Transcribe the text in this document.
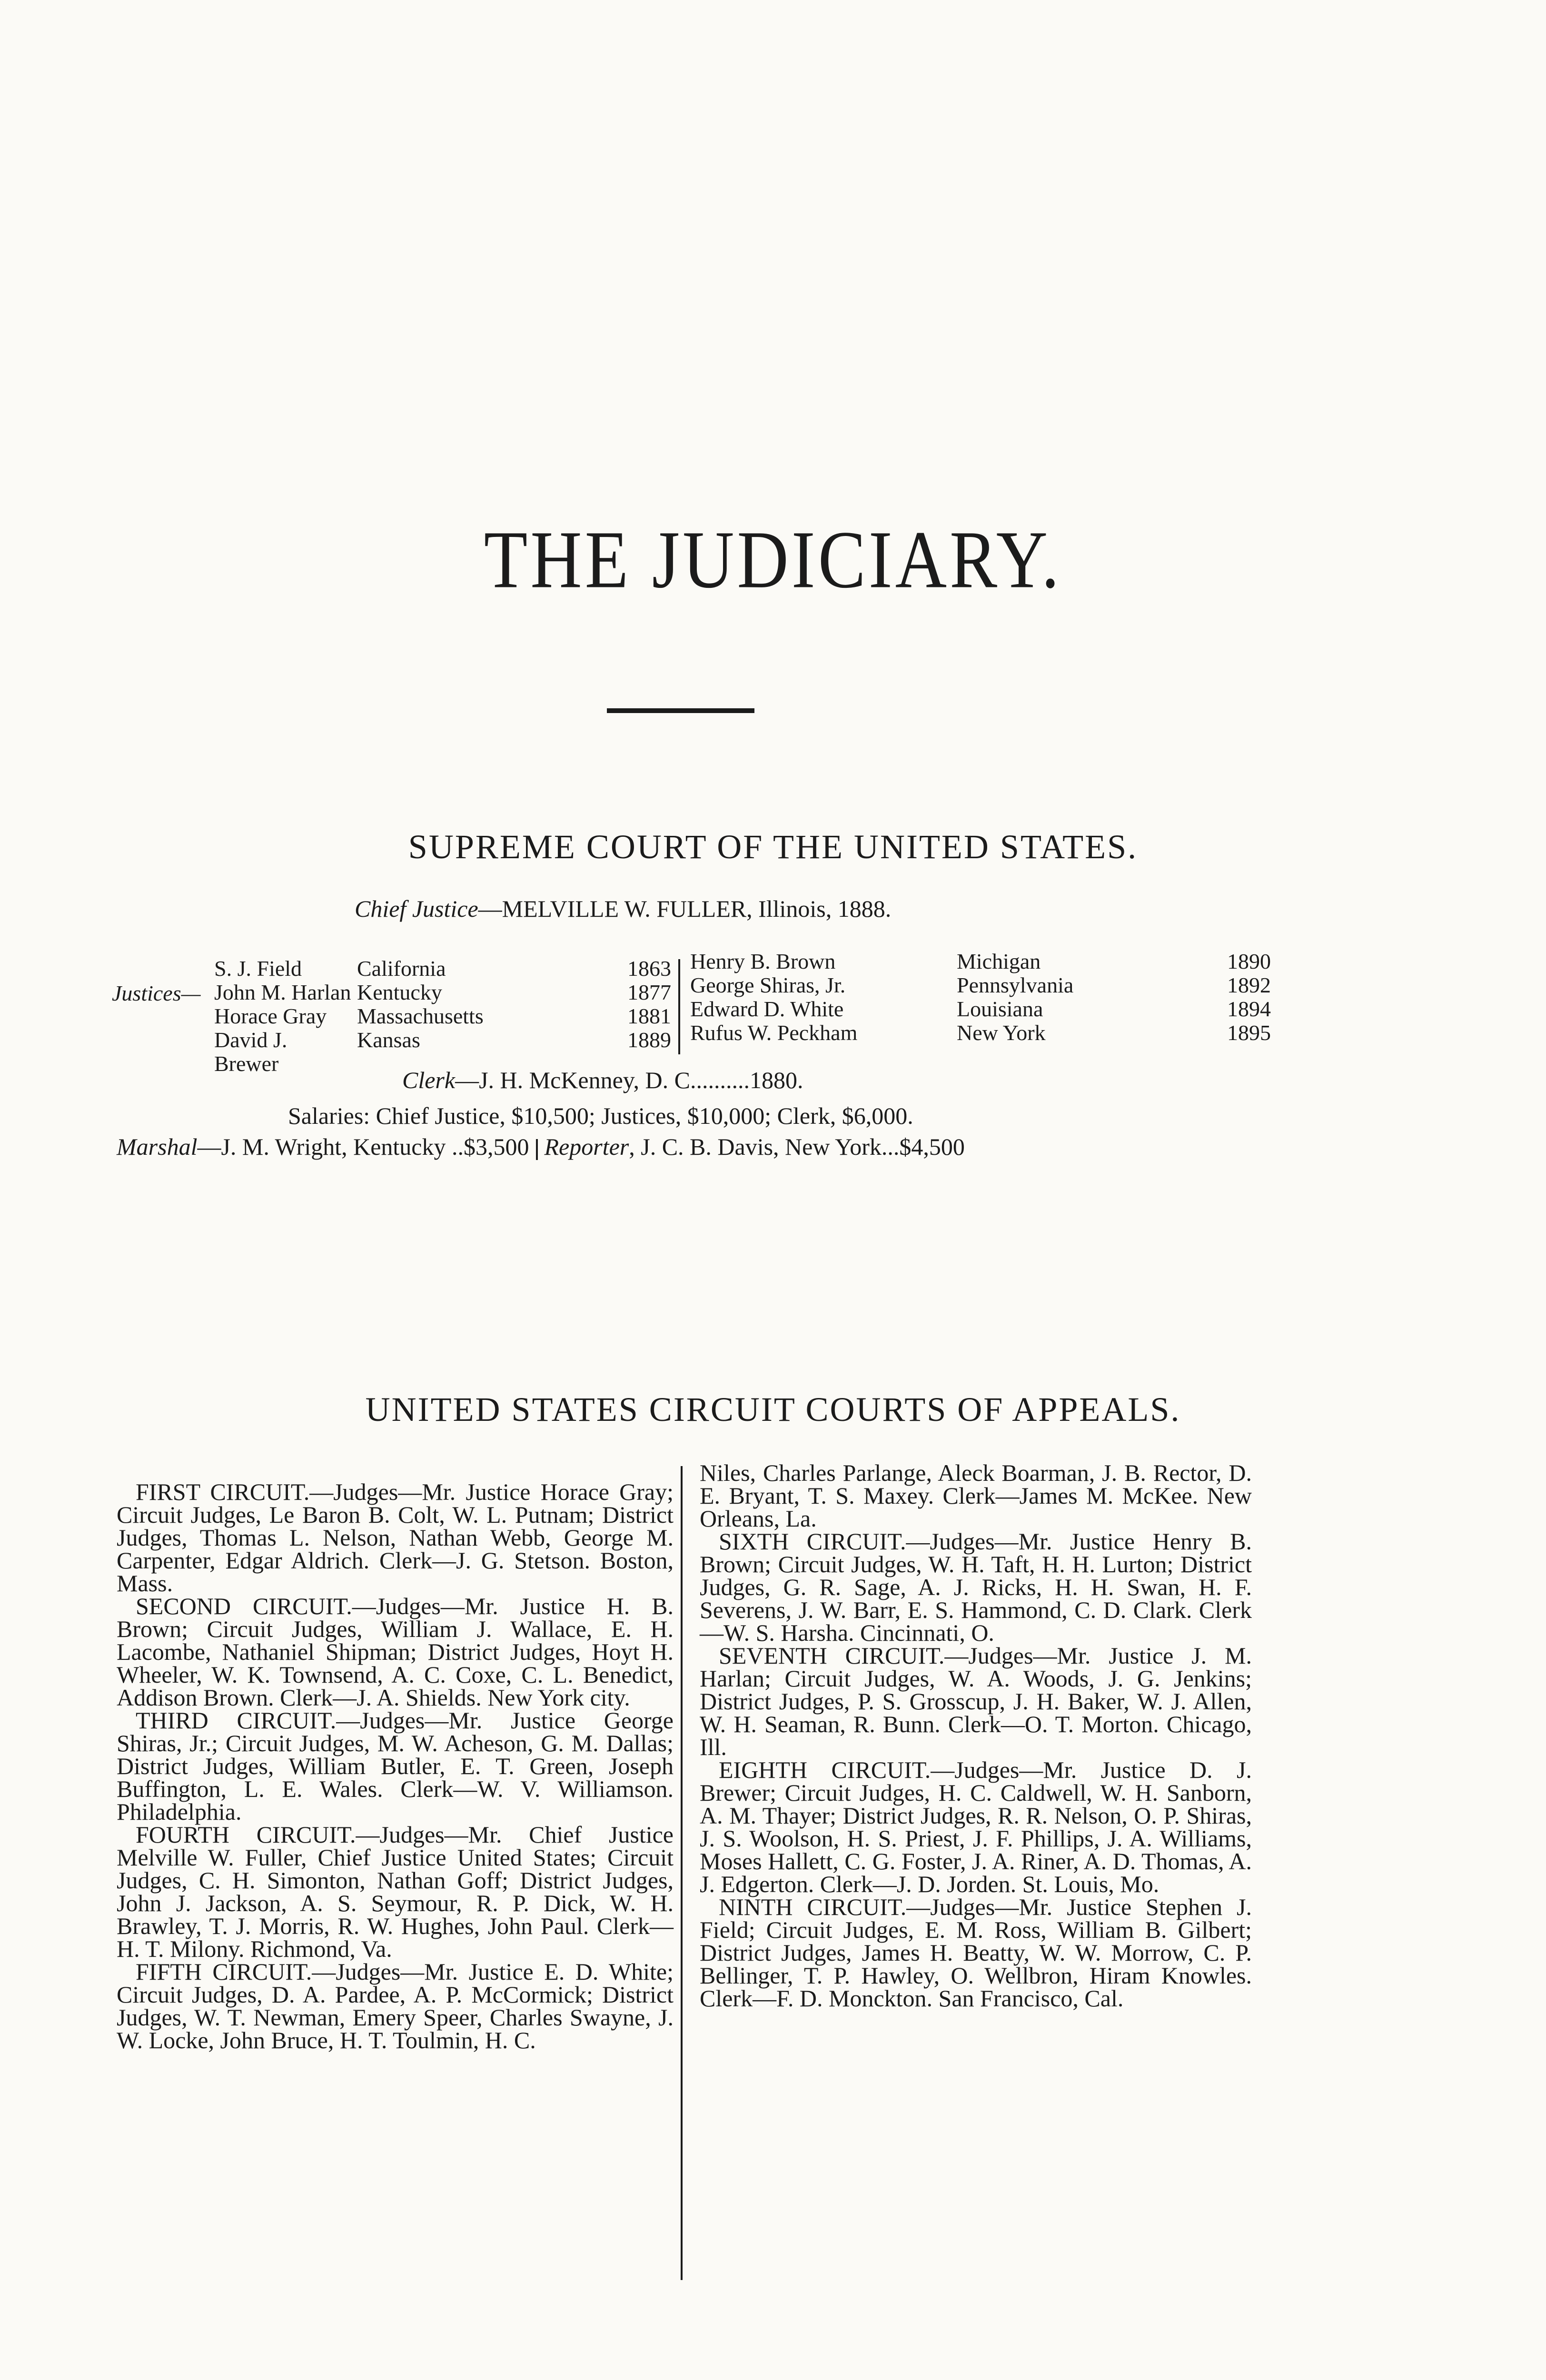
THE JUDICIARY.
SUPREME COURT OF THE UNITED STATES.
Chief Justice—MELVILLE W. FULLER, Illinois, 1888.
Justices—
S. J. Field	California	1863
John M. Harlan Kentucky	1877
Horace Gray	Massachusetts	1881
David J. Brewer
Kansas	1889
Henry B. Brown	Michigan	1890
George Shiras, Jr.	Pennsylvania	1892
Edward D. White	Louisiana	1894
Rufus W. Peckham	New York	1895
Clerk—J. H. McKenney, D. C..........1880.
Salaries: Chief Justice, $10,500; Justices, $10,000; Clerk, $6,000.
Marshal—J. M. Wright, Kentucky ..$3,500 Reporter, J. C. B. Davis, New York...$4,500
UNITED STATES CIRCUIT COURTS OF APPEALS.

FIRST CIRCUIT.—Judges—Mr. Justice Horace Gray; Circuit Judges, Le Baron B. Colt, W. L. Putnam; District Judges, Thomas L. Nelson, Nathan Webb, George M. Carpenter, Edgar Aldrich. Clerk—J. G. Stetson. Boston, Mass.

SECOND CIRCUIT.—Judges—Mr. Justice H. B. Brown; Circuit Judges, William J. Wallace, E. H. Lacombe, Nathaniel Shipman; District Judges, Hoyt H. Wheeler, W. K. Townsend, A. C. Coxe, C. L. Benedict, Addison Brown. Clerk—J. A. Shields. New York city.

THIRD CIRCUIT.—Judges—Mr. Justice George Shiras, Jr.; Circuit Judges, M. W. Acheson, G. M. Dallas; District Judges, William Butler, E. T. Green, Joseph Buffington, L. E. Wales. Clerk—W. V. Williamson. Philadelphia.

FOURTH CIRCUIT.—Judges—Mr. Chief Justice Melville W. Fuller, Chief Justice United States; Circuit Judges, C. H. Simonton, Nathan Goff; District Judges, John J. Jackson, A. S. Seymour, R. P. Dick, W. H. Brawley, T. J. Morris, R. W. Hughes, John Paul. Clerk—H. T. Milony. Richmond, Va.

FIFTH CIRCUIT.—Judges—Mr. Justice E. D. White; Circuit Judges, D. A. Pardee, A. P. McCormick; District Judges, W. T. Newman, Emery Speer, Charles Swayne, J. W. Locke, John Bruce, H. T. Toulmin, H. C.

Niles, Charles Parlange, Aleck Boarman, J. B. Rector, D. E. Bryant, T. S. Maxey. Clerk—James M. McKee. New Orleans, La.

SIXTH CIRCUIT.—Judges—Mr. Justice Henry B. Brown; Circuit Judges, W. H. Taft, H. H. Lurton; District Judges, G. R. Sage, A. J. Ricks, H. H. Swan, H. F. Severens, J. W. Barr, E. S. Hammond, C. D. Clark. Clerk—W. S. Harsha. Cincinnati, O.

SEVENTH CIRCUIT.—Judges—Mr. Justice J. M. Harlan; Circuit Judges, W. A. Woods, J. G. Jenkins; District Judges, P. S. Grosscup, J. H. Baker, W. J. Allen, W. H. Seaman, R. Bunn. Clerk—O. T. Morton. Chicago, Ill.

EIGHTH CIRCUIT.—Judges—Mr. Justice D. J. Brewer; Circuit Judges, H. C. Caldwell, W. H. Sanborn, A. M. Thayer; District Judges, R. R. Nelson, O. P. Shiras, J. S. Woolson, H. S. Priest, J. F. Phillips, J. A. Williams, Moses Hallett, C. G. Foster, J. A. Riner, A. D. Thomas, A. J. Edgerton. Clerk—J. D. Jorden. St. Louis, Mo.

NINTH CIRCUIT.—Judges—Mr. Justice Stephen J. Field; Circuit Judges, E. M. Ross, William B. Gilbert; District Judges, James H. Beatty, W. W. Morrow, C. P. Bellinger, T. P. Hawley, O. Wellbron, Hiram Knowles. Clerk—F. D. Monckton. San Francisco, Cal.
